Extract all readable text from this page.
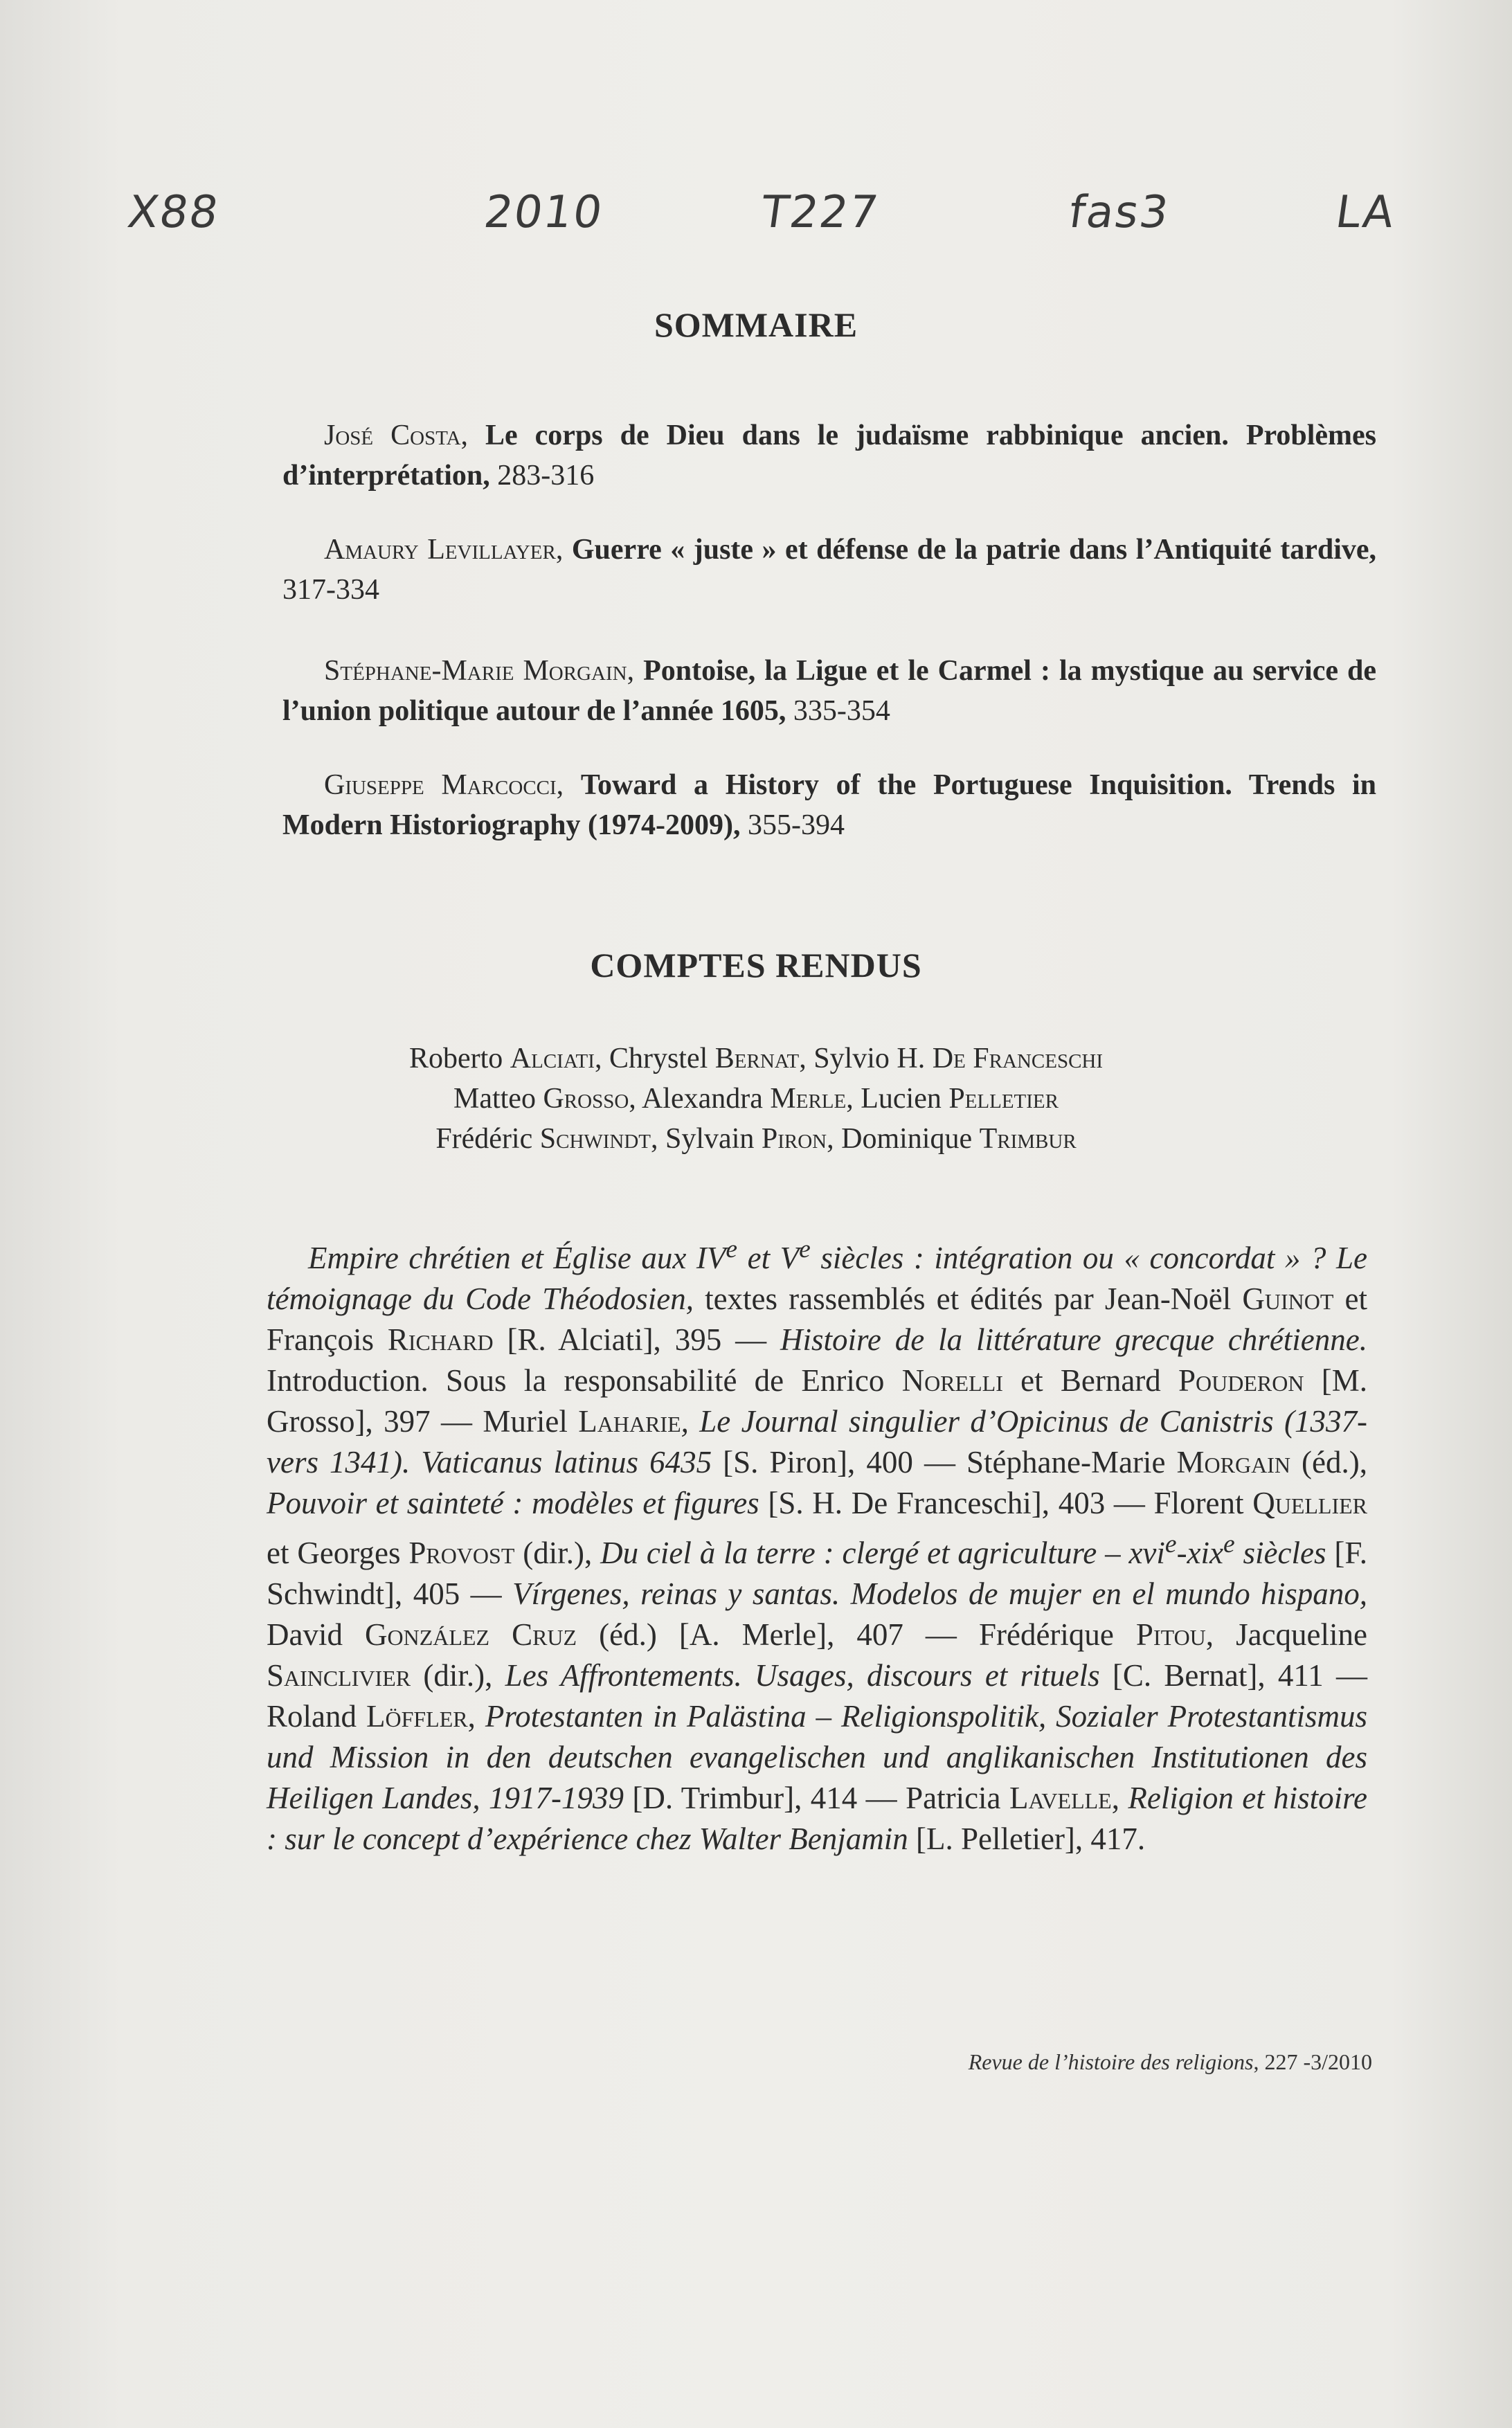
X88	2010	T227	fas3	LA
SOMMAIRE
José Costa, Le corps de Dieu dans le judaïsme rabbinique ancien. Problèmes d’interprétation, 283-316
Amaury Levillayer, Guerre « juste » et défense de la patrie dans l’Antiquité tardive, 317-334
Stéphane-Marie Morgain, Pontoise, la Ligue et le Carmel : la mystique au service de l’union politique autour de l’année 1605, 335-354
Giuseppe Marcocci, Toward a History of the Portuguese Inquisition. Trends in Modern Historiography (1974-2009), 355-394
COMPTES RENDUS
Roberto Alciati, Chrystel Bernat, Sylvio H. De Franceschi
Matteo Grosso, Alexandra Merle, Lucien Pelletier
Frédéric Schwindt, Sylvain Piron, Dominique Trimbur
Empire chrétien et Église aux IVe et Ve siècles : intégration ou « concordat » ? Le témoignage du Code Théodosien, textes rassemblés et édités par Jean-Noël Guinot et François Richard [R. Alciati], 395 — Histoire de la littérature grecque chrétienne. Introduction. Sous la responsabilité de Enrico Norelli et Bernard Pouderon [M. Grosso], 397 — Muriel Laharie, Le Journal singulier d’Opicinus de Canistris (1337-vers 1341). Vaticanus latinus 6435 [S. Piron], 400 — Stéphane-Marie Morgain (éd.), Pouvoir et sainteté : modèles et figures [S. H. De Franceschi], 403 — Florent Quellier et Georges Provost (dir.), Du ciel à la terre : clergé et agriculture – xvi$^e$-xix$^e$ siècles [F. Schwindt], 405 — Vírgenes, reinas y santas. Modelos de mujer en el mundo hispano, David González Cruz (éd.) [A. Merle], 407 — Frédérique Pitou, Jacqueline Sainclivier (dir.), Les Affrontements. Usages, discours et rituels [C. Bernat], 411 — Roland Löffler, Protestanten in Palästina – Religionspolitik, Sozialer Protestantismus und Mission in den deutschen evangelischen und anglikanischen Institutionen des Heiligen Landes, 1917-1939 [D. Trimbur], 414 — Patricia Lavelle, Religion et histoire : sur le concept d’expérience chez Walter Benjamin [L. Pelletier], 417.
Revue de l’histoire des religions, 227 -3/2010
